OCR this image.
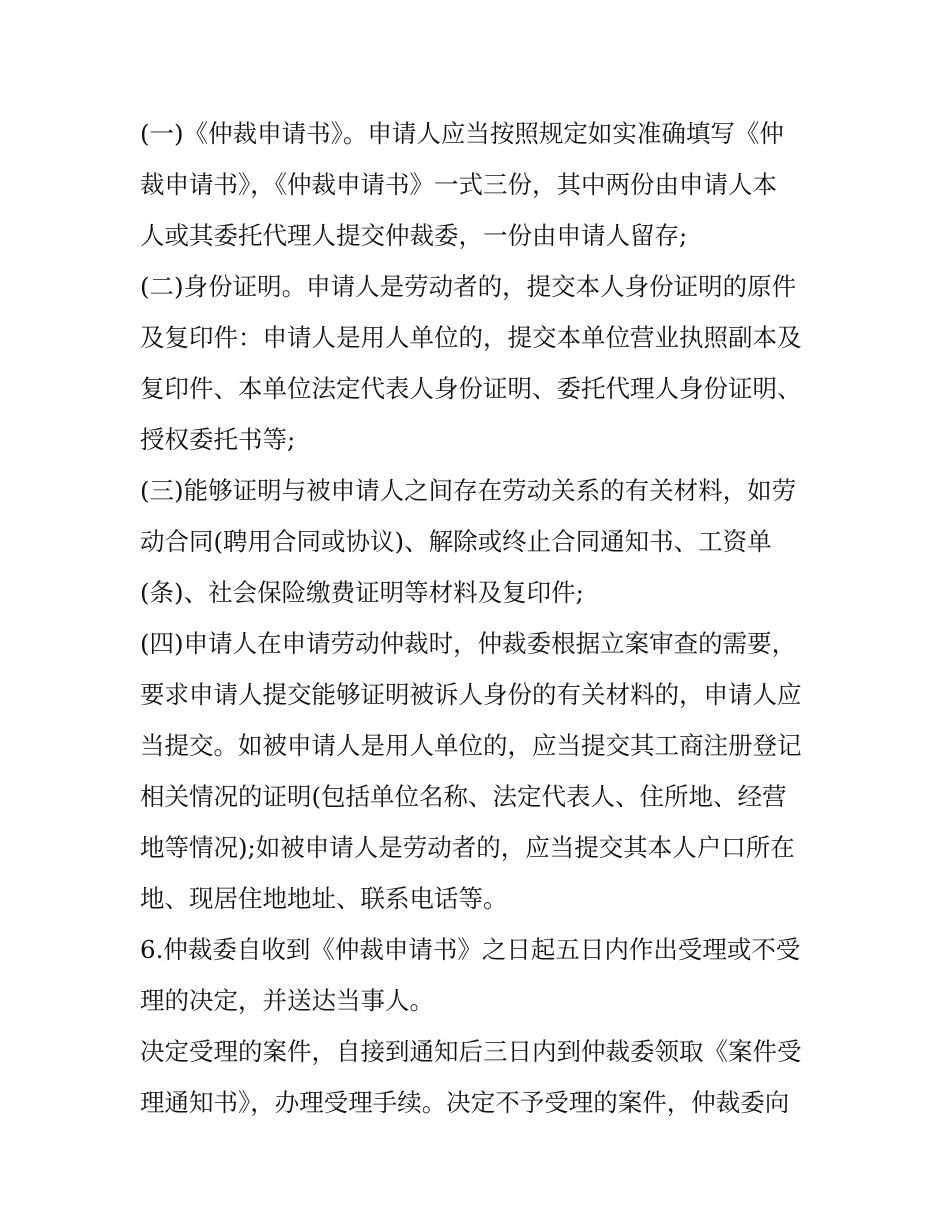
(一)《仲裁申请书》。申请人应当按照规定如实准确填写《仲
裁申请书》，《仲裁申请书》一式三份，其中两份由申请人本
人或其委托代理人提交仲裁委，一份由申请人留存;
(二)身份证明。申请人是劳动者的，提交本人身份证明的原件
及复印件：申请人是用人单位的，提交本单位营业执照副本及
复印件、本单位法定代表人身份证明、委托代理人身份证明、
授权委托书等;
(三)能够证明与被申请人之间存在劳动关系的有关材料，如劳
动合同(聘用合同或协议)、解除或终止合同通知书、工资单
(条)、社会保险缴费证明等材料及复印件;
(四)申请人在申请劳动仲裁时，仲裁委根据立案审查的需要，
要求申请人提交能够证明被诉人身份的有关材料的，申请人应
当提交。如被申请人是用人单位的，应当提交其工商注册登记
相关情况的证明(包括单位名称、法定代表人、住所地、经营
地等情况);如被申请人是劳动者的，应当提交其本人户口所在
地、现居住地地址、联系电话等。
6.仲裁委自收到《仲裁申请书》之日起五日内作出受理或不受
理的决定，并送达当事人。
决定受理的案件，自接到通知后三日内到仲裁委领取《案件受
理通知书》，办理受理手续。决定不予受理的案件，仲裁委向
